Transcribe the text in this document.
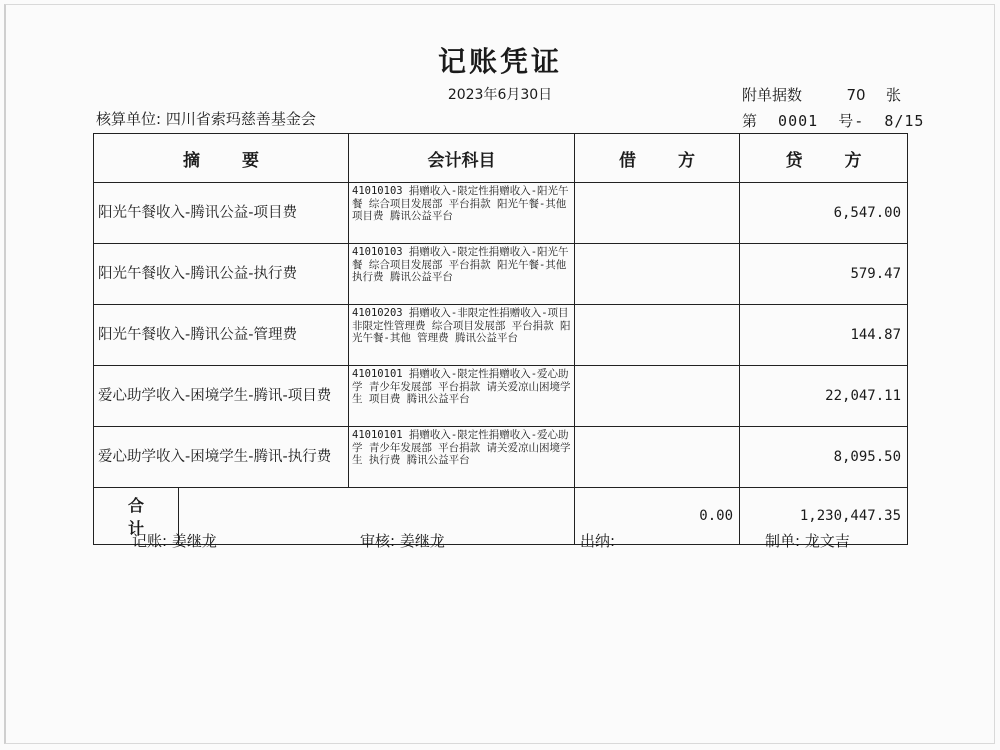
记账凭证
2023年6月30日	附单据数	70 张
核算单位: 四川省索玛慈善基金会	第  0001  号-  8/15
摘 要		会计科目	借 方	贷 方
阳光午餐收入-腾讯公益-项目费		41010103 捐赠收入-限定性捐赠收入-阳光午餐 综合项目发展部 平台捐款 阳光午餐-其他 项目费 腾讯公益平台		6,547.00
阳光午餐收入-腾讯公益-执行费		41010103 捐赠收入-限定性捐赠收入-阳光午餐 综合项目发展部 平台捐款 阳光午餐-其他 执行费 腾讯公益平台		579.47
阳光午餐收入-腾讯公益-管理费		41010203 捐赠收入-非限定性捐赠收入-项目非限定性管理费 综合项目发展部 平台捐款 阳光午餐-其他 管理费 腾讯公益平台		144.87
爱心助学收入-困境学生-腾讯-项目费		41010101 捐赠收入-限定性捐赠收入-爱心助学 青少年发展部 平台捐款 请关爱凉山困境学生 项目费 腾讯公益平台		22,047.11
爱心助学收入-困境学生-腾讯-执行费		41010101 捐赠收入-限定性捐赠收入-爱心助学 青少年发展部 平台捐款 请关爱凉山困境学生 执行费 腾讯公益平台		8,095.50
合 计			0.00	1,230,447.35
记账: 姜继龙	审核: 姜继龙	出纳:	制单: 龙文吉
